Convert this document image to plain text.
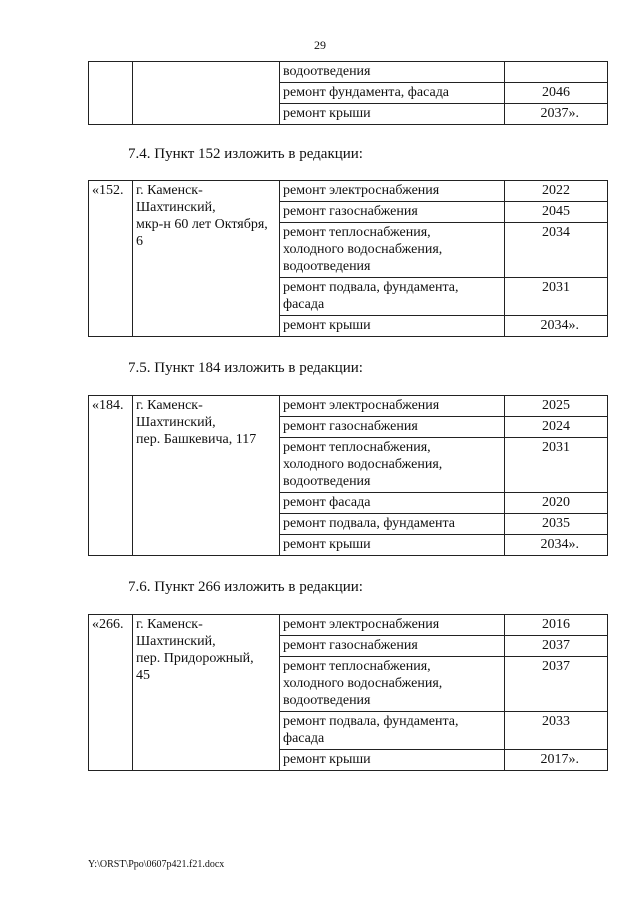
29
		водоотведения	
		ремонт фундамента, фасада	2046
		ремонт крыши	2037».
7.4. Пункт 152 изложить в редакции:
«152.	г. Каменск-
Шахтинский,
мкр-н 60 лет Октября,
6	ремонт электроснабжения	2022
		ремонт газоснабжения	2045

		ремонт теплоснабжения,
холодного водоснабжения,
водоотведения	2034

		ремонт подвала, фундамента,
фасада	2031
		ремонт крыши	2034».
7.5. Пункт 184 изложить в редакции:
«184.	г. Каменск-
Шахтинский,
пер. Башкевича, 117	ремонт электроснабжения	2025
		ремонт газоснабжения	2024

		ремонт теплоснабжения,
холодного водоснабжения,
водоотведения	2031
		ремонт фасада	2020
		ремонт подвала, фундамента	2035
		ремонт крыши	2034».
7.6. Пункт 266 изложить в редакции:
«266.	г. Каменск-
Шахтинский,
пер. Придорожный,
45	ремонт электроснабжения	2016
		ремонт газоснабжения	2037

		ремонт теплоснабжения,
холодного водоснабжения,
водоотведения	2037

		ремонт подвала, фундамента,
фасада	2033
		ремонт крыши	2017».
Y:\ORST\Ppo\0607p421.f21.docx
